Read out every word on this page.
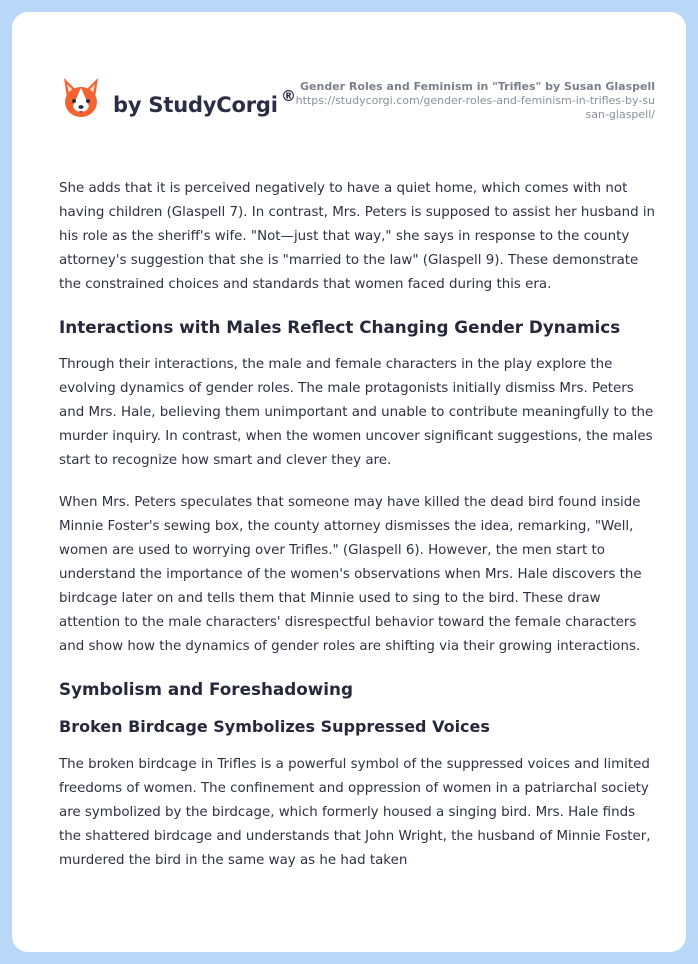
by StudyCorgi ®
Gender Roles and Feminism in "Trifles" by Susan Glaspell
https://studycorgi.com/gender-roles-and-feminism-in-trifles-by-susan-glaspell/

She adds that it is perceived negatively to have a quiet home, which comes with not having children (Glaspell 7). In contrast, Mrs. Peters is supposed to assist her husband in his role as the sheriff's wife. "Not—just that way," she says in response to the county attorney's suggestion that she is "married to the law" (Glaspell 9). These demonstrate the constrained choices and standards that women faced during this era.

Interactions with Males Reflect Changing Gender Dynamics

Through their interactions, the male and female characters in the play explore the evolving dynamics of gender roles. The male protagonists initially dismiss Mrs. Peters and Mrs. Hale, believing them unimportant and unable to contribute meaningfully to the murder inquiry. In contrast, when the women uncover significant suggestions, the males start to recognize how smart and clever they are.

When Mrs. Peters speculates that someone may have killed the dead bird found inside Minnie Foster's sewing box, the county attorney dismisses the idea, remarking, "Well, women are used to worrying over Trifles." (Glaspell 6). However, the men start to understand the importance of the women's observations when Mrs. Hale discovers the birdcage later on and tells them that Minnie used to sing to the bird. These draw attention to the male characters' disrespectful behavior toward the female characters and show how the dynamics of gender roles are shifting via their growing interactions.

Symbolism and Foreshadowing
Broken Birdcage Symbolizes Suppressed Voices

The broken birdcage in Trifles is a powerful symbol of the suppressed voices and limited freedoms of women. The confinement and oppression of women in a patriarchal society are symbolized by the birdcage, which formerly housed a singing bird. Mrs. Hale finds the shattered birdcage and understands that John Wright, the husband of Minnie Foster, murdered the bird in the same way as he had taken
